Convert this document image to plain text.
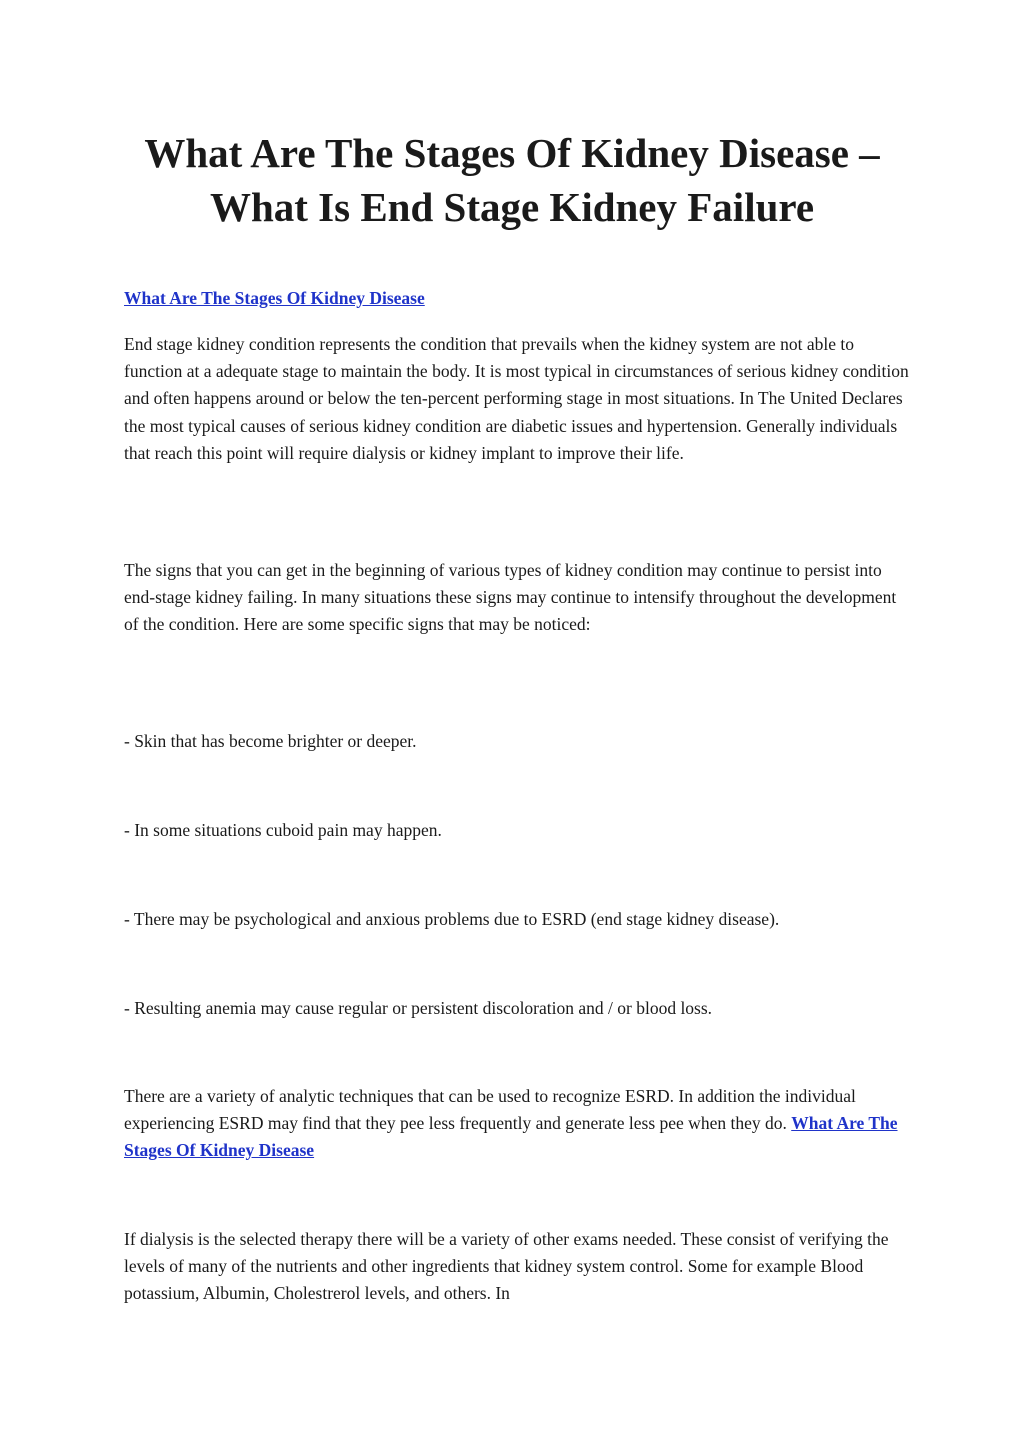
What Are The Stages Of Kidney Disease –
What Is End Stage Kidney Failure

What Are The Stages Of Kidney Disease

End stage kidney condition represents the condition that prevails when the kidney system are not able to function at a adequate stage to maintain the body. It is most typical in circumstances of serious kidney condition and often happens around or below the ten-percent performing stage in most situations. In The United Declares the most typical causes of serious kidney condition are diabetic issues and hypertension. Generally individuals that reach this point will require dialysis or kidney implant to improve their life.

The signs that you can get in the beginning of various types of kidney condition may continue to persist into end-stage kidney failing. In many situations these signs may continue to intensify throughout the development of the condition. Here are some specific signs that may be noticed:

- Skin that has become brighter or deeper.

- In some situations cuboid pain may happen.

- There may be psychological and anxious problems due to ESRD (end stage kidney disease).

- Resulting anemia may cause regular or persistent discoloration and / or blood loss.

There are a variety of analytic techniques that can be used to recognize ESRD. In addition the individual experiencing ESRD may find that they pee less frequently and generate less pee when they do. What Are The Stages Of Kidney Disease

If dialysis is the selected therapy there will be a variety of other exams needed. These consist of verifying the levels of many of the nutrients and other ingredients that kidney system control. Some for example Blood potassium, Albumin, Cholestrerol levels, and others. In
